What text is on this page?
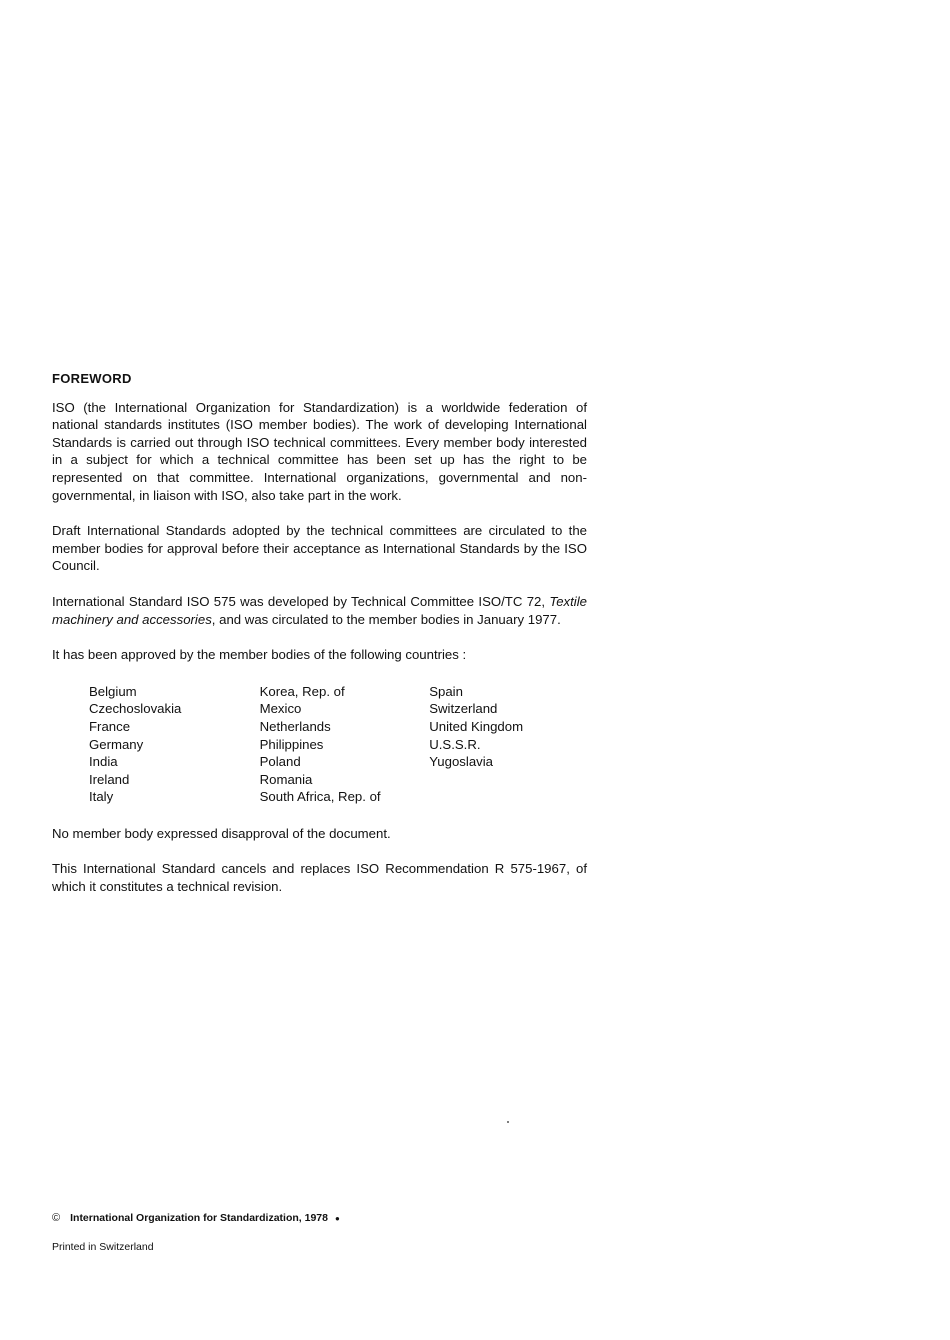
FOREWORD

ISO (the International Organization for Standardization) is a worldwide federation of national standards institutes (ISO member bodies). The work of developing International Standards is carried out through ISO technical committees. Every member body interested in a subject for which a technical committee has been set up has the right to be represented on that committee. International organizations, governmental and non-governmental, in liaison with ISO, also take part in the work.

Draft International Standards adopted by the technical committees are circulated to the member bodies for approval before their acceptance as International Standards by the ISO Council.

International Standard ISO 575 was developed by Technical Committee ISO/TC 72, Textile machinery and accessories, and was circulated to the member bodies in January 1977.

It has been approved by the member bodies of the following countries :

Belgium
Czechoslovakia
France
Germany
India
Ireland
Italy
Korea, Rep. of
Mexico
Netherlands
Philippines
Poland
Romania
South Africa, Rep. of
Spain
Switzerland
United Kingdom
U.S.S.R.
Yugoslavia

No member body expressed disapproval of the document.

This International Standard cancels and replaces ISO Recommendation R 575-1967, of which it constitutes a technical revision.

© International Organization for Standardization, 1978 ●
Printed in Switzerland
